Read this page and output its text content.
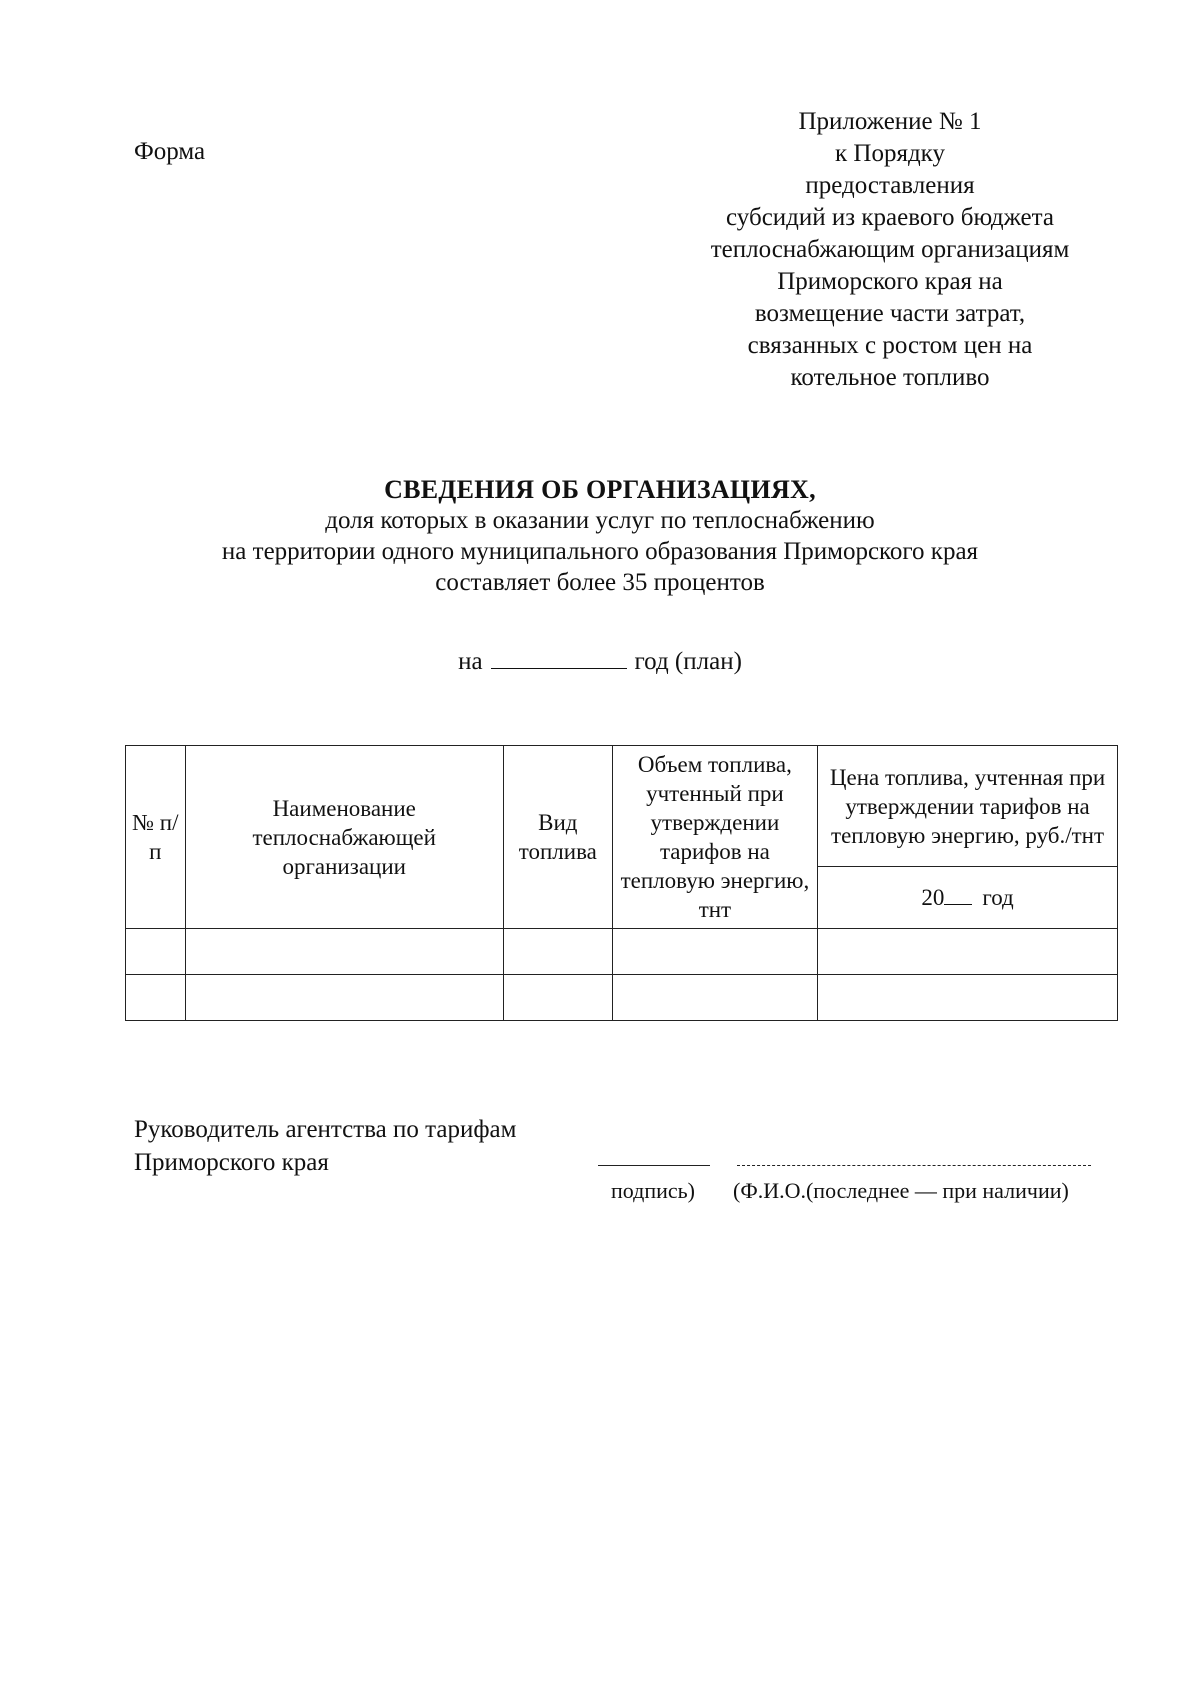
Форма
Приложение № 1
к Порядку
предоставления
субсидий из краевого бюджета
теплоснабжающим организациям
Приморского края на
возмещение части затрат,
связанных с ростом цен на
котельное топливо
СВЕДЕНИЯ ОБ ОРГАНИЗАЦИЯХ,
доля которых в оказании услуг по теплоснабжению
на территории одного муниципального образования Приморского края
составляет более 35 процентов
на	год (план)
№ п/п	Наименование теплоснабжающей организации	Вид топлива	Объем топлива, учтенный при утверждении тарифов на тепловую энергию, тнт	Цена топлива, учтенная при утверждении тарифов на тепловую энергию, руб./тнт
				20 год

Руководитель агентства по тарифам
Приморского края
подпись) (Ф.И.О.(последнее — при наличии)
